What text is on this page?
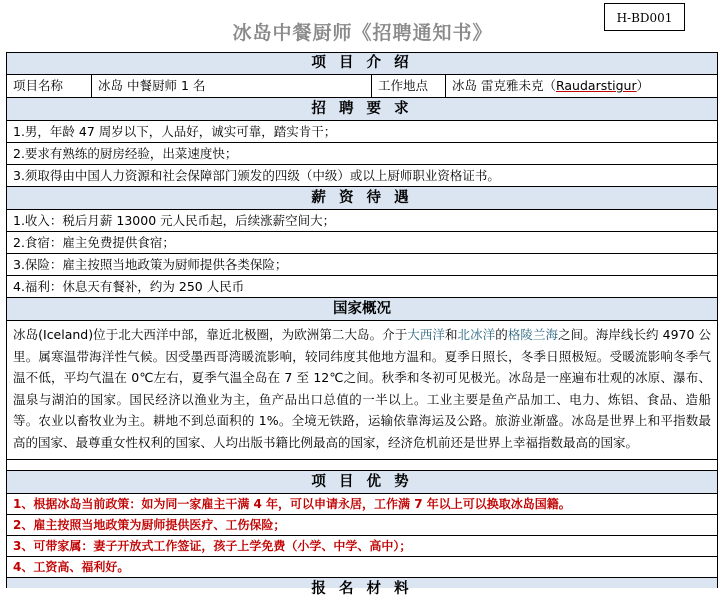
H-BD001
冰岛中餐厨师《招聘通知书》
项 目 介 绍
项目名称	冰岛 中餐厨师 1 名	工作地点	冰岛 雷克雅未克（Raudarstigur）
招 聘 要 求
1.男，年龄 47 周岁以下，人品好，诚实可靠，踏实肯干；
2.要求有熟练的厨房经验，出菜速度快；
3.须取得由中国人力资源和社会保障部门颁发的四级（中级）或以上厨师职业资格证书。
薪 资 待 遇
1.收入：税后月薪 13000 元人民币起，后续涨薪空间大；
2.食宿：雇主免费提供食宿；
3.保险：雇主按照当地政策为厨师提供各类保险；
4.福利：休息天有餐补，约为 250 人民币
国家概况
冰岛(Iceland)位于北大西洋中部，靠近北极圈，为欧洲第二大岛。介于大西洋和北冰洋的格陵兰海之间。海岸线长约 4970 公里。属寒温带海洋性气候。因受墨西哥湾暖流影响，较同纬度其他地方温和。夏季日照长，冬季日照极短。受暖流影响冬季气温不低，平均气温在 0℃左右，夏季气温全岛在 7 至 12℃之间。秋季和冬初可见极光。冰岛是一座遍布壮观的冰原、瀑布、温泉与湖泊的国家。国民经济以渔业为主，鱼产品出口总值的一半以上。工业主要是鱼产品加工、电力、炼铝、食品、造船等。农业以畜牧业为主。耕地不到总面积的 1%。全境无铁路，运输依靠海运及公路。旅游业渐盛。冰岛是世界上和平指数最高的国家、最尊重女性权利的国家、人均出版书籍比例最高的国家，经济危机前还是世界上幸福指数最高的国家。
项 目 优 势
1、根据冰岛当前政策：如为同一家雇主干满 4 年，可以申请永居，工作满 7 年以上可以换取冰岛国籍。
2、雇主按照当地政策为厨师提供医疗、工伤保险；
3、可带家属：妻子开放式工作签证，孩子上学免费（小学、中学、高中）；
4、工资高、福利好。
报 名 材 料
